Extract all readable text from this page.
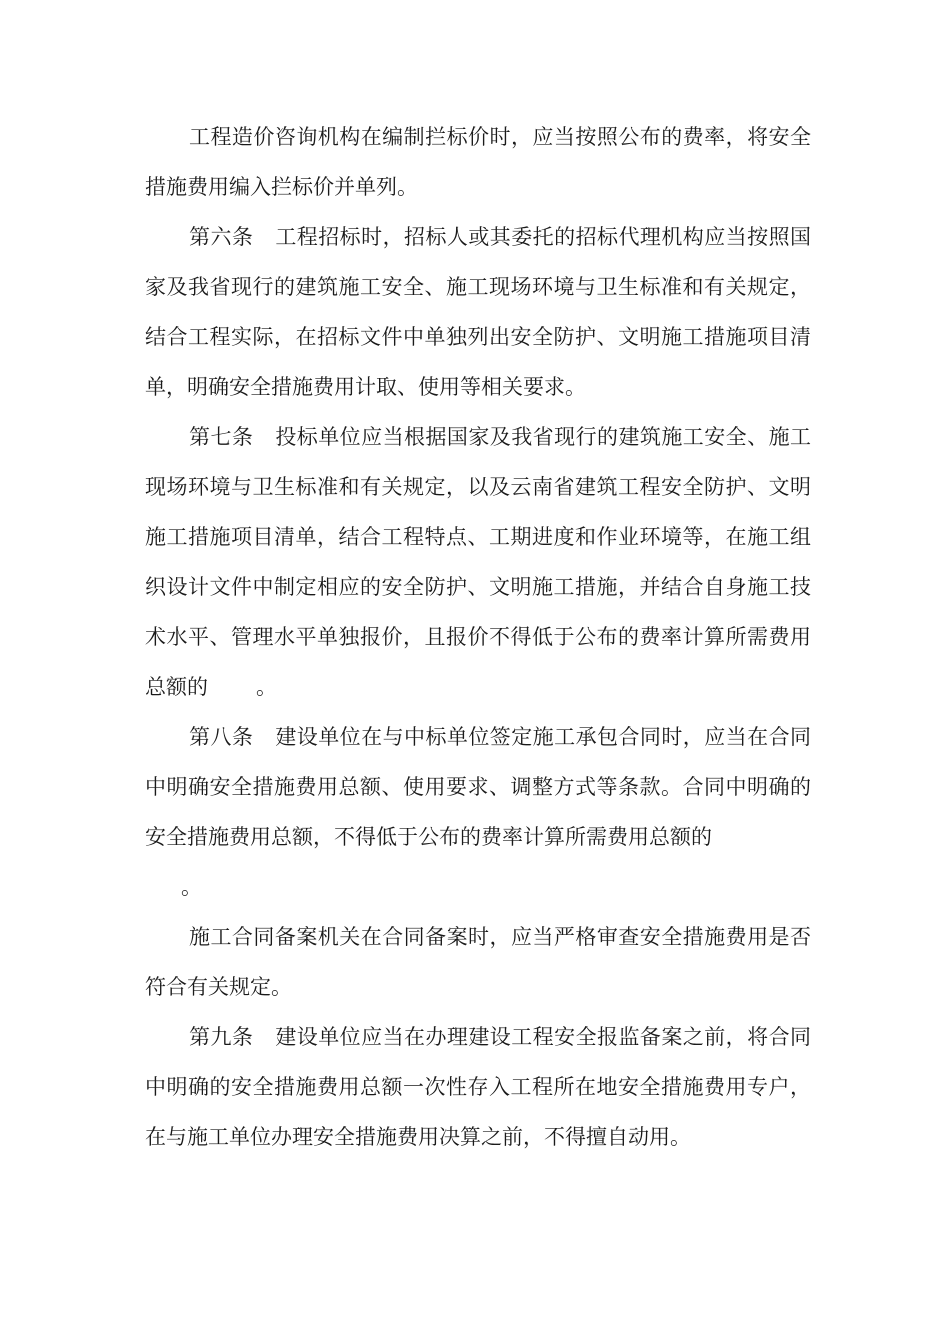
工程造价咨询机构在编制拦标价时，应当按照公布的费率，将安全措施费用编入拦标价并单列。

第六条 工程招标时，招标人或其委托的招标代理机构应当按照国家及我省现行的建筑施工安全、施工现场环境与卫生标准和有关规定，结合工程实际，在招标文件中单独列出安全防护、文明施工措施项目清单，明确安全措施费用计取、使用等相关要求。

第七条 投标单位应当根据国家及我省现行的建筑施工安全、施工现场环境与卫生标准和有关规定，以及云南省建筑工程安全防护、文明施工措施项目清单，结合工程特点、工期进度和作业环境等，在施工组织设计文件中制定相应的安全防护、文明施工措施，并结合自身施工技术水平、管理水平单独报价，且报价不得低于公布的费率计算所需费用总额的 。

第八条 建设单位在与中标单位签定施工承包合同时，应当在合同中明确安全措施费用总额、使用要求、调整方式等条款。合同中明确的安全措施费用总额，不得低于公布的费率计算所需费用总额的
。

施工合同备案机关在合同备案时，应当严格审查安全措施费用是否符合有关规定。

第九条 建设单位应当在办理建设工程安全报监备案之前，将合同中明确的安全措施费用总额一次性存入工程所在地安全措施费用专户，在与施工单位办理安全措施费用决算之前，不得擅自动用。
